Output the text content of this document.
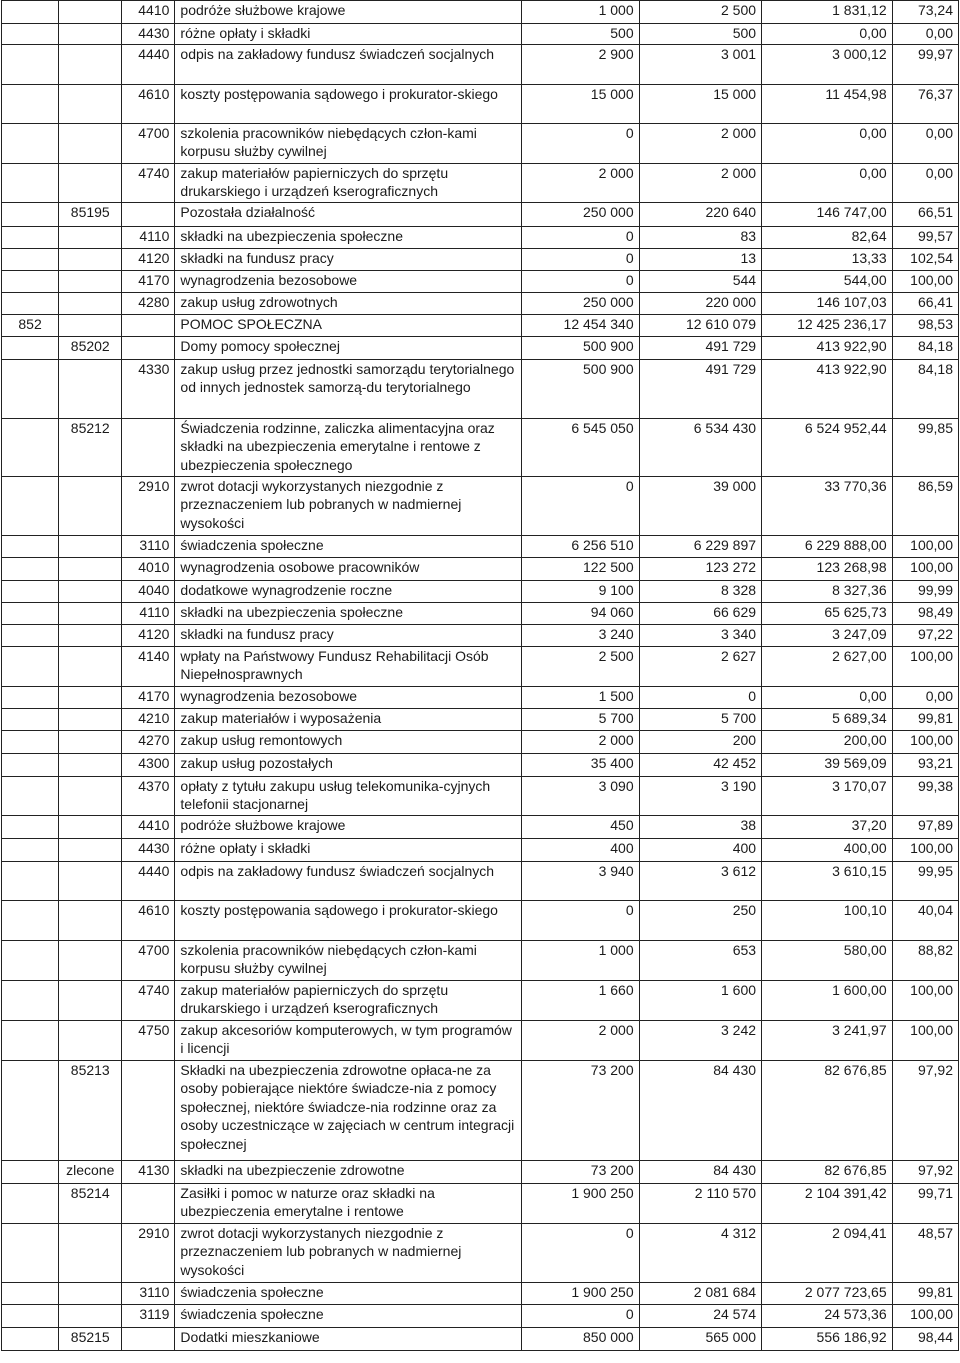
		4410	podróże służbowe krajowe	1 000	2 500	1 831,12	73,24
		4430	różne opłaty i składki	500	500	0,00	0,00
		4440	odpis na zakładowy fundusz świadczeń socjalnych	2 900	3 001	3 000,12	99,97
		4610	koszty postępowania sądowego i prokurator-skiego	15 000	15 000	11 454,98	76,37
		4700	szkolenia pracowników niebędących człon-kami korpusu służby cywilnej	0	2 000	0,00	0,00
		4740	zakup materiałów papierniczych do sprzętu drukarskiego i urządzeń kserograficznych	2 000	2 000	0,00	0,00
	85195		Pozostała działalność	250 000	220 640	146 747,00	66,51
		4110	składki na ubezpieczenia społeczne	0	83	82,64	99,57
		4120	składki na fundusz pracy	0	13	13,33	102,54
		4170	wynagrodzenia bezosobowe	0	544	544,00	100,00
		4280	zakup usług zdrowotnych	250 000	220 000	146 107,03	66,41
852			POMOC SPOŁECZNA	12 454 340	12 610 079	12 425 236,17	98,53
	85202		Domy pomocy społecznej	500 900	491 729	413 922,90	84,18
		4330	zakup usług przez jednostki samorządu terytorialnego od innych jednostek samorzą-du terytorialnego	500 900	491 729	413 922,90	84,18
	85212		Świadczenia rodzinne, zaliczka alimentacyjna oraz składki na ubezpieczenia emerytalne i rentowe z ubezpieczenia społecznego	6 545 050	6 534 430	6 524 952,44	99,85
		2910	zwrot dotacji wykorzystanych niezgodnie z przeznaczeniem lub pobranych w nadmiernej wysokości	0	39 000	33 770,36	86,59
		3110	świadczenia społeczne	6 256 510	6 229 897	6 229 888,00	100,00
		4010	wynagrodzenia osobowe pracowników	122 500	123 272	123 268,98	100,00
		4040	dodatkowe wynagrodzenie roczne	9 100	8 328	8 327,36	99,99
		4110	składki na ubezpieczenia społeczne	94 060	66 629	65 625,73	98,49
		4120	składki na fundusz pracy	3 240	3 340	3 247,09	97,22
		4140	wpłaty na Państwowy Fundusz Rehabilitacji Osób Niepełnosprawnych	2 500	2 627	2 627,00	100,00
		4170	wynagrodzenia bezosobowe	1 500	0	0,00	0,00
		4210	zakup materiałów i wyposażenia	5 700	5 700	5 689,34	99,81
		4270	zakup usług remontowych	2 000	200	200,00	100,00
		4300	zakup usług pozostałych	35 400	42 452	39 569,09	93,21
		4370	opłaty z tytułu zakupu usług telekomunika-cyjnych telefonii stacjonarnej	3 090	3 190	3 170,07	99,38
		4410	podróże służbowe krajowe	450	38	37,20	97,89
		4430	różne opłaty i składki	400	400	400,00	100,00
		4440	odpis na zakładowy fundusz świadczeń socjalnych	3 940	3 612	3 610,15	99,95
		4610	koszty postępowania sądowego i prokurator-skiego	0	250	100,10	40,04
		4700	szkolenia pracowników niebędących człon-kami korpusu służby cywilnej	1 000	653	580,00	88,82
		4740	zakup materiałów papierniczych do sprzętu drukarskiego i urządzeń kserograficznych	1 660	1 600	1 600,00	100,00
		4750	zakup akcesoriów komputerowych, w tym programów i licencji	2 000	3 242	3 241,97	100,00
	85213		Składki na ubezpieczenia zdrowotne opłaca-ne za osoby pobierające niektóre świadcze-nia z pomocy społecznej, niektóre świadcze-nia rodzinne oraz za osoby uczestniczące w zajęciach w centrum integracji społecznej	73 200	84 430	82 676,85	97,92
	zlecone	4130	składki na ubezpieczenie zdrowotne	73 200	84 430	82 676,85	97,92
	85214		Zasiłki i pomoc w naturze oraz składki na ubezpieczenia emerytalne i rentowe	1 900 250	2 110 570	2 104 391,42	99,71
		2910	zwrot dotacji wykorzystanych niezgodnie z przeznaczeniem lub pobranych w nadmiernej wysokości	0	4 312	2 094,41	48,57
		3110	świadczenia społeczne	1 900 250	2 081 684	2 077 723,65	99,81
		3119	świadczenia społeczne	0	24 574	24 573,36	100,00
	85215		Dodatki mieszkaniowe	850 000	565 000	556 186,92	98,44
